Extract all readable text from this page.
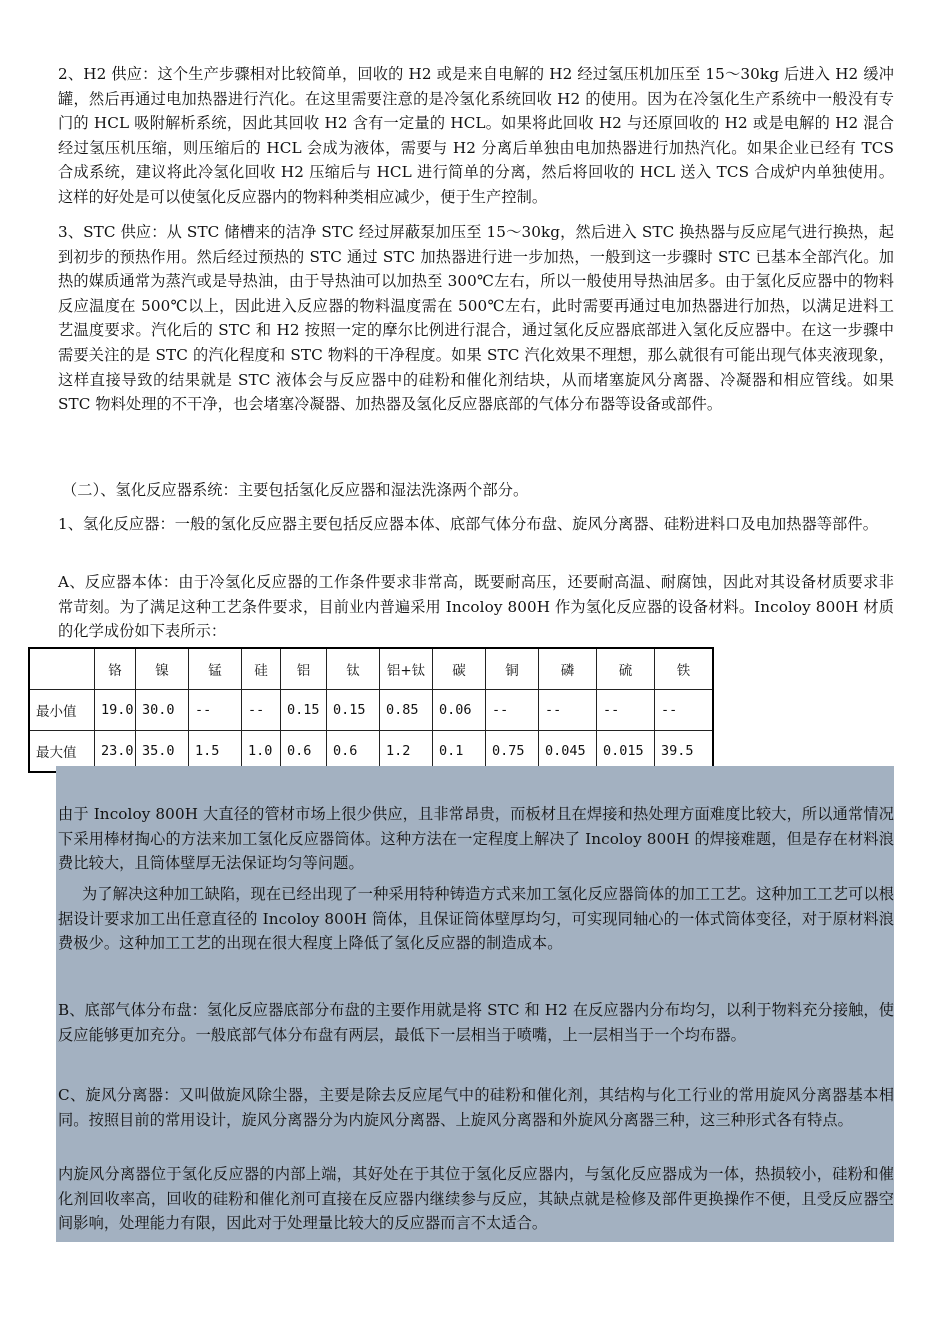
2、H2 供应：这个生产步骤相对比较简单，回收的 H2 或是来自电解的 H2 经过氢压机加压至 15～30kg 后进入 H2 缓冲罐，然后再通过电加热器进行汽化。在这里需要注意的是冷氢化系统回收 H2 的使用。因为在冷氢化生产系统中一般没有专门的 HCL 吸附解析系统，因此其回收 H2 含有一定量的 HCL。如果将此回收 H2 与还原回收的 H2 或是电解的 H2 混合经过氢压机压缩，则压缩后的 HCL 会成为液体，需要与 H2 分离后单独由电加热器进行加热汽化。如果企业已经有 TCS 合成系统，建议将此冷氢化回收 H2 压缩后与 HCL 进行简单的分离，然后将回收的 HCL 送入 TCS 合成炉内单独使用。这样的好处是可以使氢化反应器内的物料种类相应减少，便于生产控制。

3、STC 供应：从 STC 储槽来的洁净 STC 经过屏蔽泵加压至 15～30kg，然后进入 STC 换热器与反应尾气进行换热，起到初步的预热作用。然后经过预热的 STC 通过 STC 加热器进行进一步加热，一般到这一步骤时 STC 已基本全部汽化。加热的媒质通常为蒸汽或是导热油，由于导热油可以加热至 300℃左右，所以一般使用导热油居多。由于氢化反应器中的物料反应温度在 500℃以上，因此进入反应器的物料温度需在 500℃左右，此时需要再通过电加热器进行加热，以满足进料工艺温度要求。汽化后的 STC 和 H2 按照一定的摩尔比例进行混合，通过氢化反应器底部进入氢化反应器中。在这一步骤中需要关注的是 STC 的汽化程度和 STC 物料的干净程度。如果 STC 汽化效果不理想，那么就很有可能出现气体夹液现象，这样直接导致的结果就是 STC 液体会与反应器中的硅粉和催化剂结块，从而堵塞旋风分离器、冷凝器和相应管线。如果 STC 物料处理的不干净，也会堵塞冷凝器、加热器及氢化反应器底部的气体分布器等设备或部件。

（二）、氢化反应器系统：主要包括氢化反应器和湿法洗涤两个部分。

1、氢化反应器：一般的氢化反应器主要包括反应器本体、底部气体分布盘、旋风分离器、硅粉进料口及电加热器等部件。

A、反应器本体：由于冷氢化反应器的工作条件要求非常高，既要耐高压，还要耐高温、耐腐蚀，因此对其设备材质要求非常苛刻。为了满足这种工艺条件要求，目前业内普遍采用 Incoloy 800H 作为氢化反应器的设备材料。Incoloy 800H 材质的化学成份如下表所示：

	铬	镍	锰	硅	铝	钛	铝+钛	碳	铜	磷	硫	铁
最小值	19.0	30.0	--	--	0.15	0.15	0.85	0.06	--	--	--	--
最大值	23.0	35.0	1.5	1.0	0.6	0.6	1.2	0.1	0.75	0.045	0.015	39.5

由于 Incoloy 800H 大直径的管材市场上很少供应，且非常昂贵，而板材且在焊接和热处理方面难度比较大，所以通常情况下采用棒材掏心的方法来加工氢化反应器筒体。这种方法在一定程度上解决了 Incoloy 800H 的焊接难题，但是存在材料浪费比较大，且筒体壁厚无法保证均匀等问题。

为了解决这种加工缺陷，现在已经出现了一种采用特种铸造方式来加工氢化反应器筒体的加工工艺。这种加工工艺可以根据设计要求加工出任意直径的 Incoloy 800H 筒体，且保证筒体壁厚均匀，可实现同轴心的一体式筒体变径，对于原材料浪费极少。这种加工工艺的出现在很大程度上降低了氢化反应器的制造成本。

B、底部气体分布盘：氢化反应器底部分布盘的主要作用就是将 STC 和 H2 在反应器内分布均匀，以利于物料充分接触，使反应能够更加充分。一般底部气体分布盘有两层，最低下一层相当于喷嘴，上一层相当于一个均布器。

C、旋风分离器：又叫做旋风除尘器，主要是除去反应尾气中的硅粉和催化剂，其结构与化工行业的常用旋风分离器基本相同。按照目前的常用设计，旋风分离器分为内旋风分离器、上旋风分离器和外旋风分离器三种，这三种形式各有特点。

内旋风分离器位于氢化反应器的内部上端，其好处在于其位于氢化反应器内，与氢化反应器成为一体，热损较小，硅粉和催化剂回收率高，回收的硅粉和催化剂可直接在反应器内继续参与反应，其缺点就是检修及部件更换操作不便，且受反应器空间影响，处理能力有限，因此对于处理量比较大的反应器而言不太适合。
